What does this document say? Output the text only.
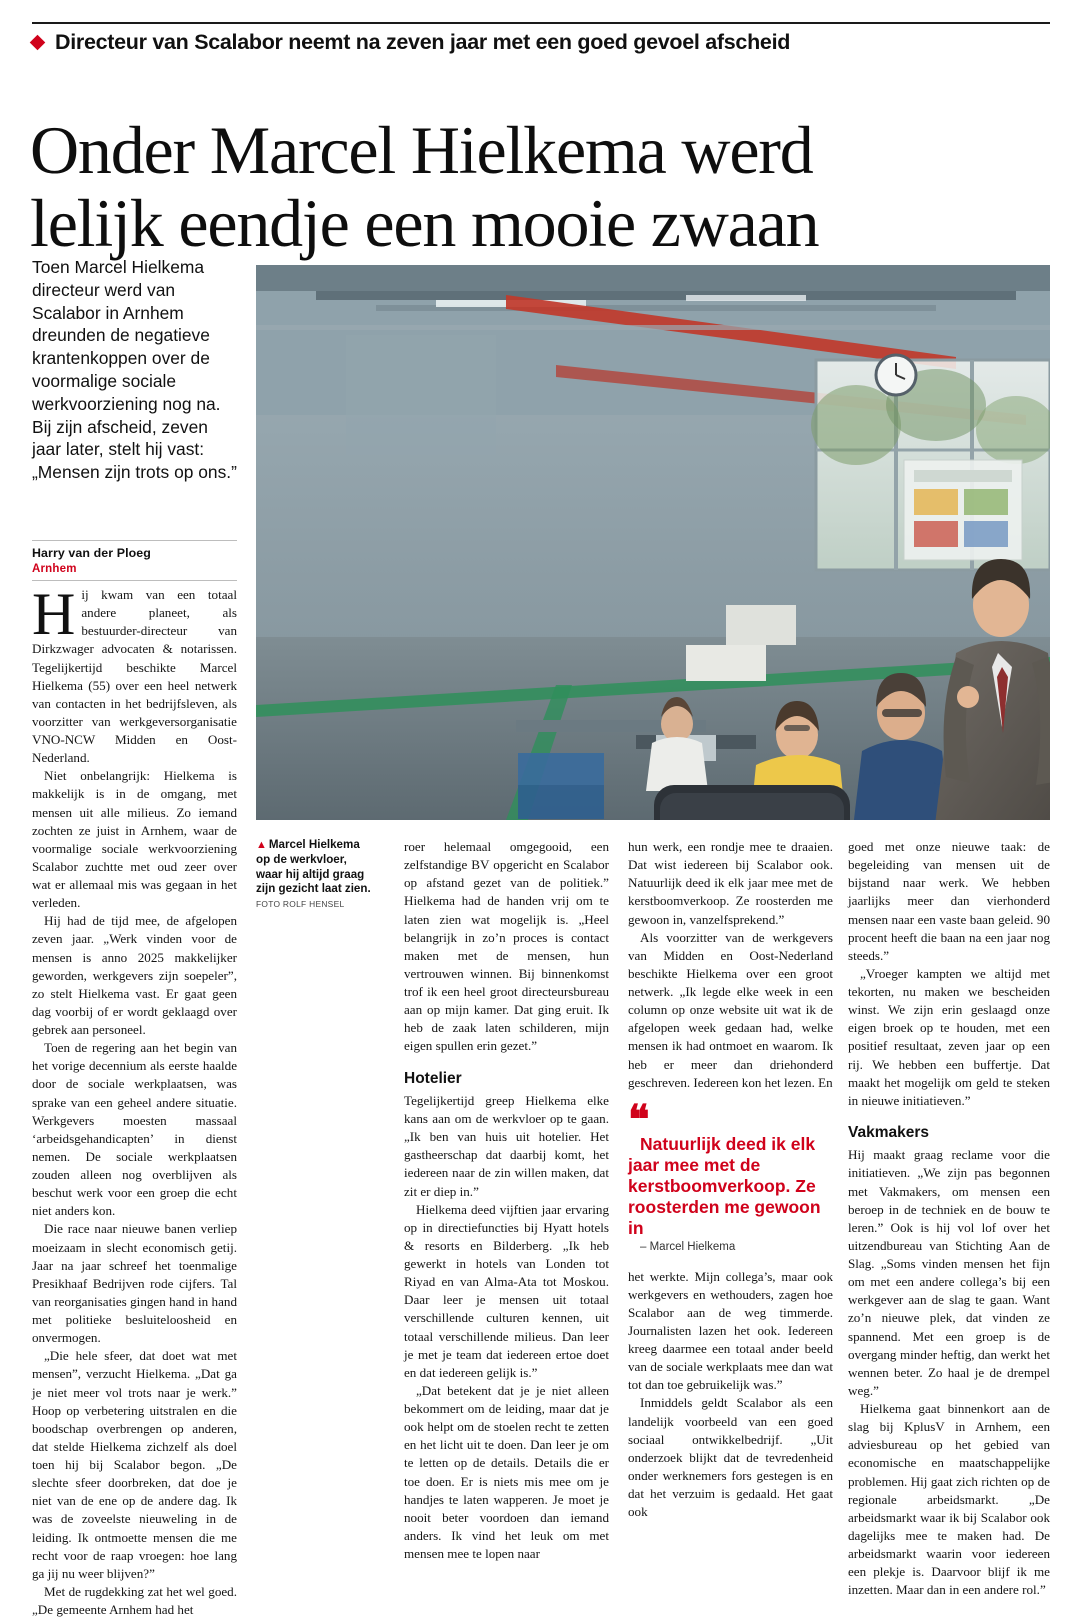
Directeur van Scalabor neemt na zeven jaar met een goed gevoel afscheid
Onder Marcel Hielkema werd
lelijk eendje een mooie zwaan
Toen Marcel Hielkema directeur werd van Scalabor in Arnhem dreunden de negatieve krantenkoppen over de voormalige sociale werkvoorziening nog na. Bij zijn afscheid, zeven jaar later, stelt hij vast: „Mensen zijn trots op ons.”
Harry van der Ploeg
Arnhem
▲ Marcel Hielkema op de werkvloer, waar hij altijd graag zijn gezicht laat zien. FOTO ROLF HENSEL

Hij kwam van een totaal andere planeet, als bestuurder-directeur van Dirkzwager advocaten & notarissen. Tegelijkertijd beschikte Marcel Hielkema (55) over een heel netwerk van contacten in het bedrijfsleven, als voorzitter van werkgeversorganisatie VNO-NCW Midden en Oost-Nederland.

Niet onbelangrijk: Hielkema is makkelijk is in de omgang, met mensen uit alle milieus. Zo iemand zochten ze juist in Arnhem, waar de voormalige sociale werkvoorziening Scalabor zuchtte met oud zeer over wat er allemaal mis was gegaan in het verleden.

Hij had de tijd mee, de afgelopen zeven jaar. „Werk vinden voor de mensen is anno 2025 makkelijker geworden, werkgevers zijn soepeler”, zo stelt Hielkema vast. Er gaat geen dag voorbij of er wordt geklaagd over gebrek aan personeel.

Toen de regering aan het begin van het vorige decennium als eerste haalde door de sociale werkplaatsen, was sprake van een geheel andere situatie. Werkgevers moesten massaal ‘arbeidsgehandicapten’ in dienst nemen. De sociale werkplaatsen zouden alleen nog overblijven als beschut werk voor een groep die echt niet anders kon.

Die race naar nieuwe banen verliep moeizaam in slecht economisch getij. Jaar na jaar schreef het toenmalige Presikhaaf Bedrijven rode cijfers. Tal van reorganisaties gingen hand in hand met politieke besluiteloosheid en onvermogen.

„Die hele sfeer, dat doet wat met mensen”, verzucht Hielkema. „Dat ga je niet meer vol trots naar je werk.” Hoop op verbetering uitstralen en die boodschap overbrengen op anderen, dat stelde Hielkema zichzelf als doel toen hij bij Scalabor begon. „De slechte sfeer doorbreken, dat doe je niet van de ene op de andere dag. Ik was de zoveelste nieuweling in de leiding. Ik ontmoette mensen die me recht voor de raap vroegen: hoe lang ga jij nu weer blijven?”

Met de rugdekking zat het wel goed. „De gemeente Arnhem had het

roer helemaal omgegooid, een zelfstandige BV opgericht en Scalabor op afstand gezet van de politiek.” Hielkema had de handen vrij om te laten zien wat mogelijk is. „Heel belangrijk in zo’n proces is contact maken met de mensen, hun vertrouwen winnen. Bij binnenkomst trof ik een heel groot directeursbureau aan op mijn kamer. Dat ging eruit. Ik heb de zaak laten schilderen, mijn eigen spullen erin gezet.”

Hotelier

Tegelijkertijd greep Hielkema elke kans aan om de werkvloer op te gaan. „Ik ben van huis uit hotelier. Het gastheerschap dat daarbij komt, het iedereen naar de zin willen maken, dat zit er diep in.”

Hielkema deed vijftien jaar ervaring op in directiefuncties bij Hyatt hotels & resorts en Bilderberg. „Ik heb gewerkt in hotels van Londen tot Riyad en van Alma-Ata tot Moskou. Daar leer je mensen uit totaal verschillende culturen kennen, uit totaal verschillende milieus. Dan leer je met je team dat iedereen ertoe doet en dat iedereen gelijk is.”

„Dat betekent dat je je niet alleen bekommert om de leiding, maar dat je ook helpt om de stoelen recht te zetten en het licht uit te doen. Dan leer je om te letten op de details. Details die er toe doen. Er is niets mis mee om je handjes te laten wapperen. Je moet je nooit beter voordoen dan iemand anders. Ik vind het leuk om met mensen mee te lopen naar

hun werk, een rondje mee te draaien. Dat wist iedereen bij Scalabor ook. Natuurlijk deed ik elk jaar mee met de kerstboomverkoop. Ze roosterden me gewoon in, vanzelfsprekend.”

Als voorzitter van de werkgevers van Midden en Oost-Nederland beschikte Hielkema over een groot netwerk. „Ik legde elke week in een column op onze website uit wat ik de afgelopen week gedaan had, welke mensen ik had ontmoet en waarom. Ik heb er meer dan driehonderd geschreven. Iedereen kon het lezen. En

❝

Natuurlijk deed ik elk jaar mee met de kerstboomverkoop. Ze roosterden me gewoon in

– Marcel Hielkema

het werkte. Mijn collega’s, maar ook werkgevers en wethouders, zagen hoe Scalabor aan de weg timmerde. Journalisten lazen het ook. Iedereen kreeg daarmee een totaal ander beeld van de sociale werkplaats mee dan wat tot dan toe gebruikelijk was.”

Inmiddels geldt Scalabor als een landelijk voorbeeld van een goed sociaal ontwikkelbedrijf. „Uit onderzoek blijkt dat de tevredenheid onder werknemers fors gestegen is en dat het verzuim is gedaald. Het gaat ook

goed met onze nieuwe taak: de begeleiding van mensen uit de bijstand naar werk. We hebben jaarlijks meer dan vierhonderd mensen naar een vaste baan geleid. 90 procent heeft die baan na een jaar nog steeds.”

„Vroeger kampten we altijd met tekorten, nu maken we bescheiden winst. We zijn erin geslaagd onze eigen broek op te houden, met een positief resultaat, zeven jaar op een rij. We hebben een buffertje. Dat maakt het mogelijk om geld te steken in nieuwe initiatieven.”

Vakmakers

Hij maakt graag reclame voor die initiatieven. „We zijn pas begonnen met Vakmakers, om mensen een beroep in de techniek en de bouw te leren.” Ook is hij vol lof over het uitzendbureau van Stichting Aan de Slag. „Soms vinden mensen het fijn om met een andere collega’s bij een werkgever aan de slag te gaan. Want zo’n nieuwe plek, dat vinden ze spannend. Met een groep is de overgang minder heftig, dan werkt het wennen beter. Zo haal je de drempel weg.”

Hielkema gaat binnenkort aan de slag bij KplusV in Arnhem, een adviesbureau op het gebied van economische en maatschappelijke problemen. Hij gaat zich richten op de regionale arbeidsmarkt. „De arbeidsmarkt waar ik bij Scalabor ook dagelijks mee te maken had. De arbeidsmarkt waarin voor iedereen een plekje is. Daarvoor blijf ik me inzetten. Maar dan in een andere rol.”
